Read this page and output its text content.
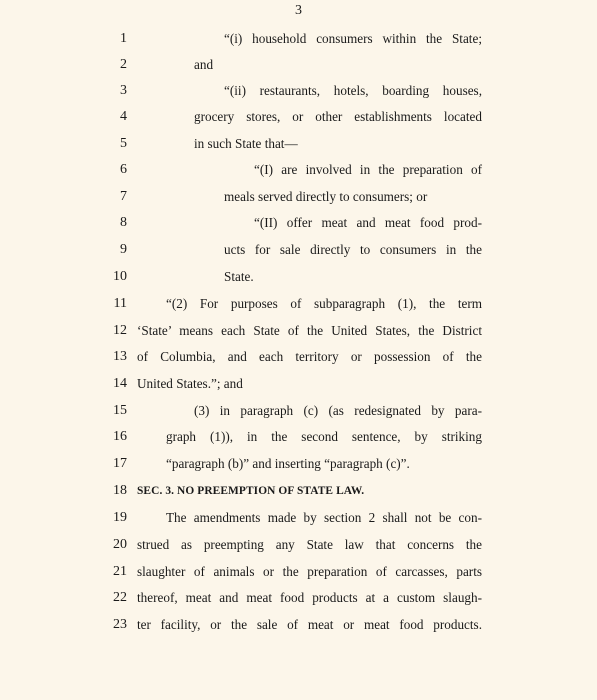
3
1	“(i) household consumers within the State;
2	and
3	“(ii) restaurants, hotels, boarding houses,
4	grocery stores, or other establishments located
5	in such State that—
6	“(I) are involved in the preparation of
7	meals served directly to consumers; or
8	“(II) offer meat and meat food prod-
9	ucts for sale directly to consumers in the
10	State.
11	“(2) For purposes of subparagraph (1), the term
12 ‘State’ means each State of the United States, the District
13 of Columbia, and each territory or possession of the
14 United States.”; and
15	(3) in paragraph (c) (as redesignated by para-
16	graph (1)), in the second sentence, by striking
17	“paragraph (b)” and inserting “paragraph (c)”.
18 SEC. 3. NO PREEMPTION OF STATE LAW.
19	The amendments made by section 2 shall not be con-
20 strued as preempting any State law that concerns the
21 slaughter of animals or the preparation of carcasses, parts
22 thereof, meat and meat food products at a custom slaugh-
23 ter facility, or the sale of meat or meat food products.
